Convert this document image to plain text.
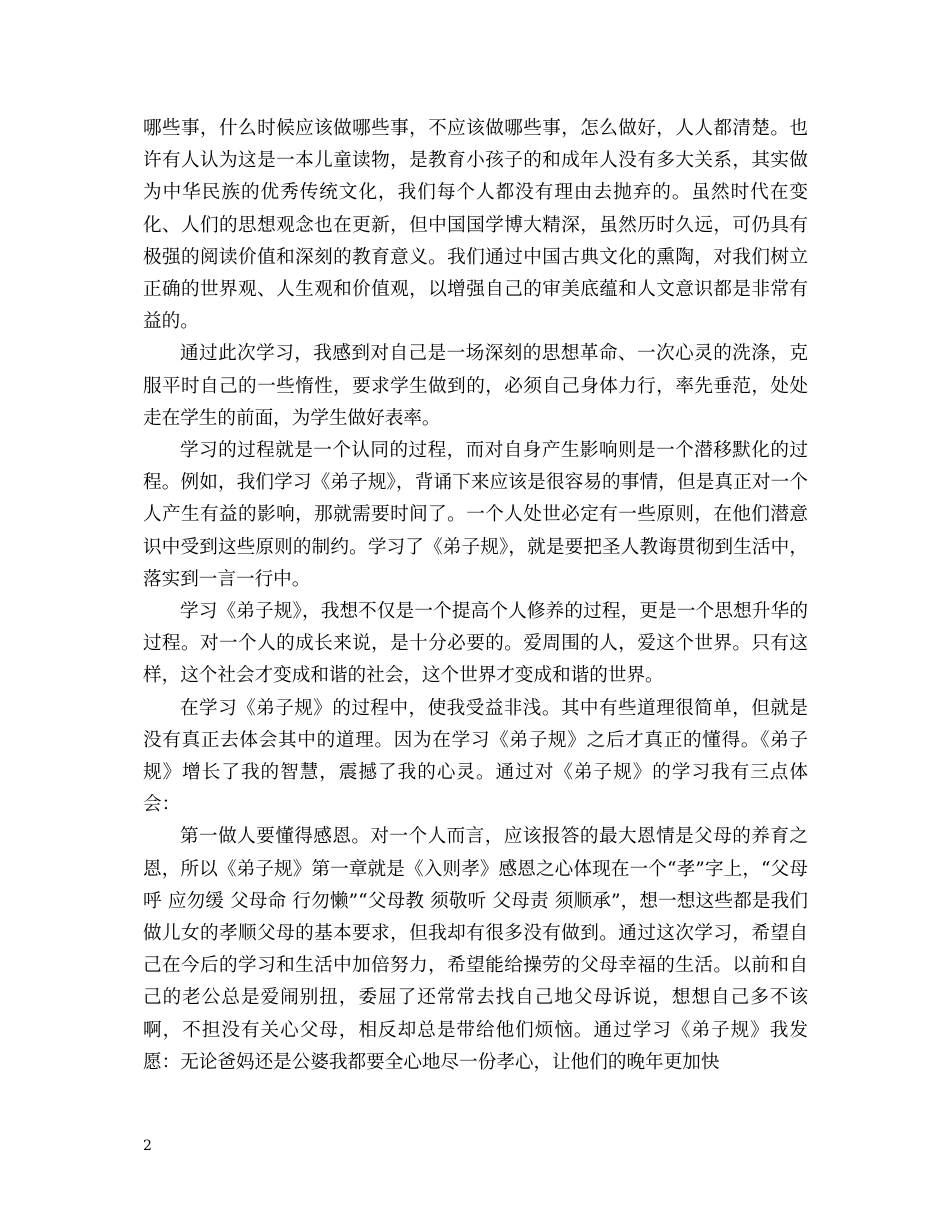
哪些事，什么时候应该做哪些事，不应该做哪些事，怎么做好，人人都清楚。也许有人认为这是一本儿童读物，是教育小孩子的和成年人没有多大关系，其实做为中华民族的优秀传统文化，我们每个人都没有理由去抛弃的。虽然时代在变化、人们的思想观念也在更新，但中国国学博大精深，虽然历时久远，可仍具有极强的阅读价值和深刻的教育意义。我们通过中国古典文化的熏陶，对我们树立正确的世界观、人生观和价值观，以增强自己的审美底蕴和人文意识都是非常有益的。

通过此次学习，我感到对自己是一场深刻的思想革命、一次心灵的洗涤，克服平时自己的一些惰性，要求学生做到的，必须自己身体力行，率先垂范，处处走在学生的前面，为学生做好表率。

学习的过程就是一个认同的过程，而对自身产生影响则是一个潜移默化的过程。例如，我们学习《弟子规》，背诵下来应该是很容易的事情，但是真正对一个人产生有益的影响，那就需要时间了。一个人处世必定有一些原则，在他们潜意识中受到这些原则的制约。学习了《弟子规》，就是要把圣人教诲贯彻到生活中，落实到一言一行中。

学习《弟子规》，我想不仅是一个提高个人修养的过程，更是一个思想升华的过程。对一个人的成长来说，是十分必要的。爱周围的人，爱这个世界。只有这样，这个社会才变成和谐的社会，这个世界才变成和谐的世界。

在学习《弟子规》的过程中，使我受益非浅。其中有些道理很简单，但就是没有真正去体会其中的道理。因为在学习《弟子规》之后才真正的懂得。《弟子规》增长了我的智慧，震撼了我的心灵。通过对《弟子规》的学习我有三点体会：

第一做人要懂得感恩。对一个人而言，应该报答的最大恩情是父母的养育之恩，所以《弟子规》第一章就是《入则孝》感恩之心体现在一个“孝”字上，“父母呼 应勿缓 父母命 行勿懒”“父母教 须敬听 父母责 须顺承”，想一想这些都是我们做儿女的孝顺父母的基本要求，但我却有很多没有做到。通过这次学习，希望自己在今后的学习和生活中加倍努力，希望能给操劳的父母幸福的生活。以前和自己的老公总是爱闹别扭，委屈了还常常去找自己地父母诉说，想想自己多不该啊，不担没有关心父母，相反却总是带给他们烦恼。通过学习《弟子规》我发愿：无论爸妈还是公婆我都要全心地尽一份孝心，让他们的晚年更加快

2
